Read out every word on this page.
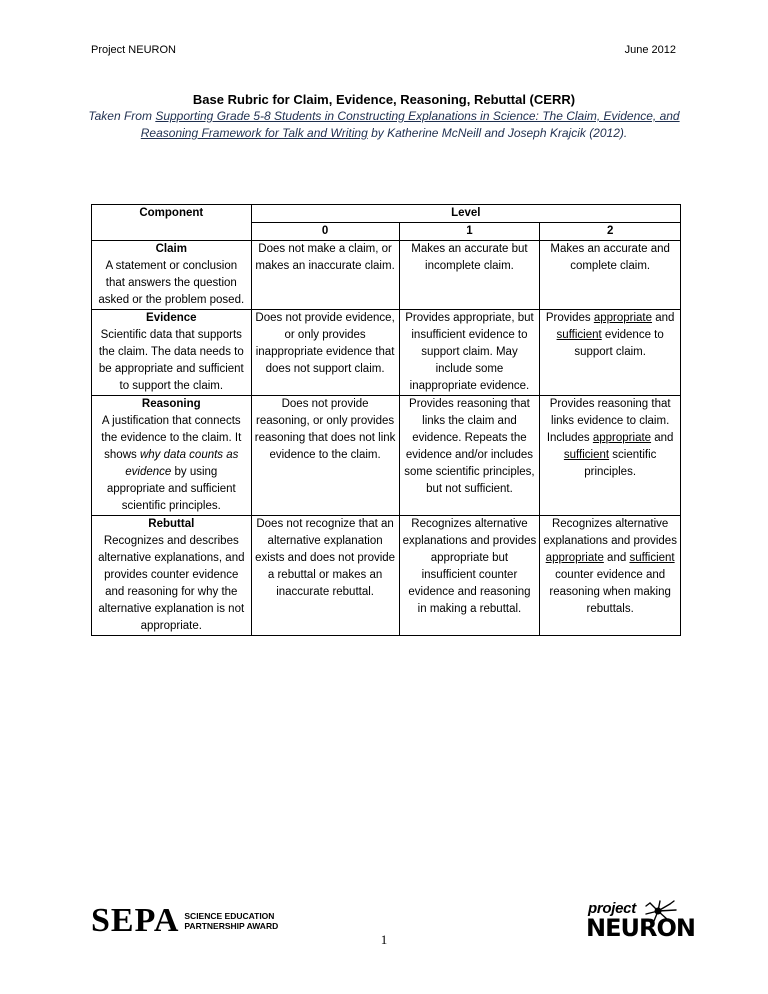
Project NEURON	June 2012
Base Rubric for Claim, Evidence, Reasoning, Rebuttal (CERR)
Taken From Supporting Grade 5-8 Students in Constructing Explanations in Science: The Claim, Evidence, and Reasoning Framework for Talk and Writing by Katherine McNeill and Joseph Krajcik (2012).
Component	Level		
	0	1	2

Claim
A statement or conclusion that answers the question asked or the problem posed.	Does not make a claim, or makes an inaccurate claim.	Makes an accurate but incomplete claim.	Makes an accurate and complete claim.

Evidence
Scientific data that supports the claim. The data needs to be appropriate and sufficient to support the claim.	Does not provide evidence, or only provides inappropriate evidence that does not support claim.	Provides appropriate, but insufficient evidence to support claim. May include some inappropriate evidence.	Provides appropriate and sufficient evidence to support claim.

Reasoning
A justification that connects the evidence to the claim. It shows why data counts as evidence by using appropriate and sufficient scientific principles.	Does not provide reasoning, or only provides reasoning that does not link evidence to the claim.	Provides reasoning that links the claim and evidence. Repeats the evidence and/or includes some scientific principles, but not sufficient.	Provides reasoning that links evidence to claim. Includes appropriate and sufficient scientific principles.

Rebuttal
Recognizes and describes alternative explanations, and provides counter evidence and reasoning for why the alternative explanation is not appropriate.	Does not recognize that an alternative explanation exists and does not provide a rebuttal or makes an inaccurate rebuttal.	Recognizes alternative explanations and provides appropriate but insufficient counter evidence and reasoning in making a rebuttal.	Recognizes alternative explanations and provides appropriate and sufficient counter evidence and reasoning when making rebuttals.
SEPA SCIENCE EDUCATION
PARTNERSHIP AWARD
1
project
NEURON
